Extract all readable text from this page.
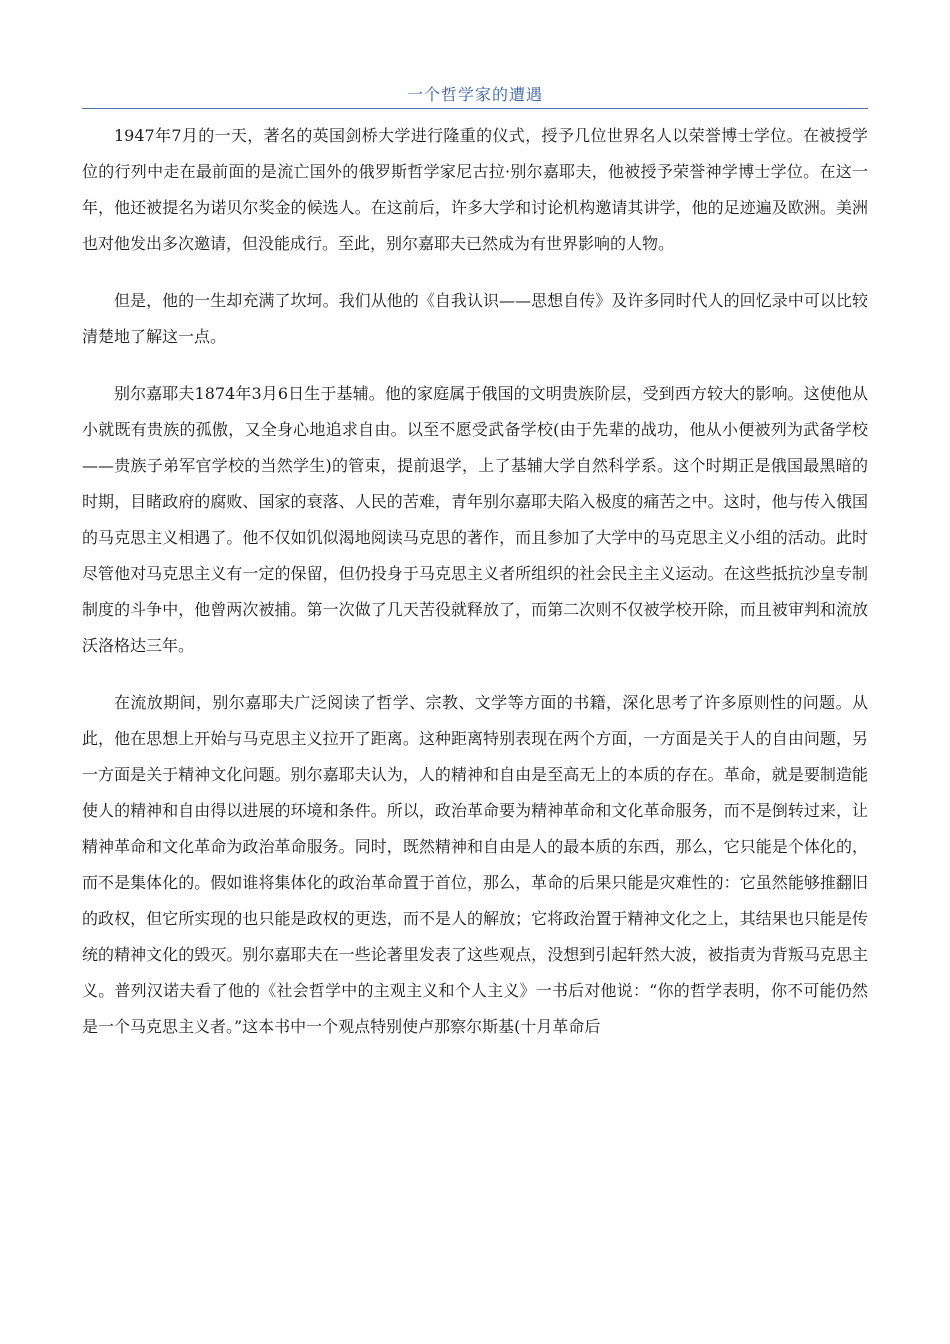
一个哲学家的遭遇

1947年7月的一天，著名的英国剑桥大学进行隆重的仪式，授予几位世界名人以荣誉博士学位。在被授学位的行列中走在最前面的是流亡国外的俄罗斯哲学家尼古拉·别尔嘉耶夫，他被授予荣誉神学博士学位。在这一年，他还被提名为诺贝尔奖金的候选人。在这前后，许多大学和讨论机构邀请其讲学，他的足迹遍及欧洲。美洲也对他发出多次邀请，但没能成行。至此，别尔嘉耶夫已然成为有世界影响的人物。

但是，他的一生却充满了坎坷。我们从他的《自我认识——思想自传》及许多同时代人的回忆录中可以比较清楚地了解这一点。

别尔嘉耶夫1874年3月6日生于基辅。他的家庭属于俄国的文明贵族阶层，受到西方较大的影响。这使他从小就既有贵族的孤傲，又全身心地追求自由。以至不愿受武备学校(由于先辈的战功，他从小便被列为武备学校——贵族子弟军官学校的当然学生)的管束，提前退学，上了基辅大学自然科学系。这个时期正是俄国最黑暗的时期，目睹政府的腐败、国家的衰落、人民的苦难，青年别尔嘉耶夫陷入极度的痛苦之中。这时，他与传入俄国的马克思主义相遇了。他不仅如饥似渴地阅读马克思的著作，而且参加了大学中的马克思主义小组的活动。此时尽管他对马克思主义有一定的保留，但仍投身于马克思主义者所组织的社会民主主义运动。在这些抵抗沙皇专制制度的斗争中，他曾两次被捕。第一次做了几天苦役就释放了，而第二次则不仅被学校开除，而且被审判和流放沃洛格达三年。

在流放期间，别尔嘉耶夫广泛阅读了哲学、宗教、文学等方面的书籍，深化思考了许多原则性的问题。从此，他在思想上开始与马克思主义拉开了距离。这种距离特别表现在两个方面，一方面是关于人的自由问题，另一方面是关于精神文化问题。别尔嘉耶夫认为，人的精神和自由是至高无上的本质的存在。革命，就是要制造能使人的精神和自由得以进展的环境和条件。所以，政治革命要为精神革命和文化革命服务，而不是倒转过来，让精神革命和文化革命为政治革命服务。同时，既然精神和自由是人的最本质的东西，那么，它只能是个体化的，而不是集体化的。假如谁将集体化的政治革命置于首位，那么，革命的后果只能是灾难性的：它虽然能够推翻旧的政权，但它所实现的也只能是政权的更迭，而不是人的解放；它将政治置于精神文化之上，其结果也只能是传统的精神文化的毁灭。别尔嘉耶夫在一些论著里发表了这些观点，没想到引起轩然大波，被指责为背叛马克思主义。普列汉诺夫看了他的《社会哲学中的主观主义和个人主义》一书后对他说：“你的哲学表明，你不可能仍然是一个马克思主义者。”这本书中一个观点特别使卢那察尔斯基(十月革命后
